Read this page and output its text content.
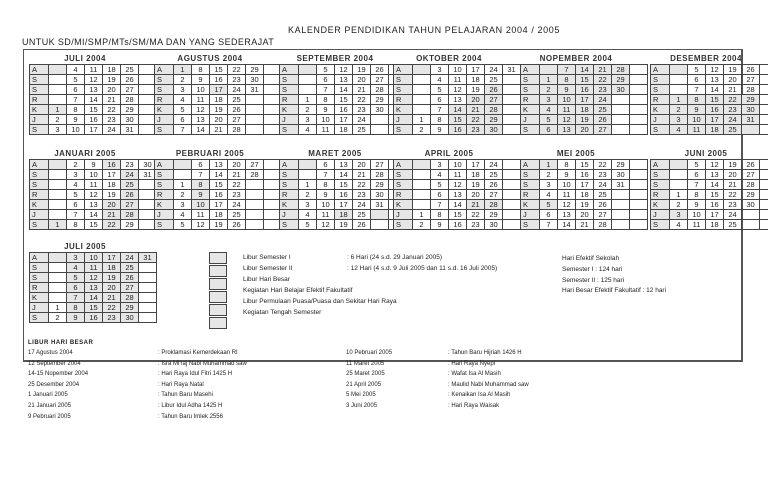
KALENDER PENDIDIKAN TAHUN PELAJARAN 2004 / 2005
UNTUK SD/MI/SMP/MTs/SM/MA DAN YANG SEDERAJAT
JULI 2004
A		4	11	18	25	
S		5	12	19	26	
S		6	13	20	27	
R		7	14	21	28	
K	1	8	15	22	29	
J	2	9	16	23	30	
S	3	10	17	24	31	
AGUSTUS 2004
A	1	8	15	22	29	
S	2	9	16	23	30	
S	3	10	17	24	31	
R	4	11	18	25		
K	5	12	19	26		
J	6	13	20	27		
S	7	14	21	28		
SEPTEMBER 2004
A		5	12	19	26	
S		6	13	20	27	
S		7	14	21	28	
R	1	8	15	22	29	
K	2	9	16	23	30	
J	3	10	17	24		
S	4	11	18	25		
OKTOBER 2004
A		3	10	17	24	31
S		4	11	18	25	
S		5	12	19	26	
R		6	13	20	27	
K		7	14	21	28	
J	1	8	15	22	29	
S	2	9	16	23	30	
NOPEMBER 2004
A		7	14	21	28	
S	1	8	15	22	29	
S	2	9	16	23	30	
R	3	10	17	24		
K	4	11	18	25		
J	5	12	19	26		
S	6	13	20	27		
DESEMBER 2004
A		5	12	19	26	
S		6	13	20	27	
S		7	14	21	28	
R	1	8	15	22	29	
K	2	9	16	23	30	
J	3	10	17	24	31	
S	4	11	18	25		
JANUARI 2005
A		2	9	16	23	30
S		3	10	17	24	31
S		4	11	18	25	
R		5	12	19	26	
K		6	13	20	27	
J		7	14	21	28	
S	1	8	15	22	29	
PEBRUARI 2005
A		6	13	20	27	
S		7	14	21	28	
S	1	8	15	22		
R	2	9	16	23		
K	3	10	17	24		
J	4	11	18	25		
S	5	12	19	26		
MARET 2005
A		6	13	20	27	
S		7	14	21	28	
S	1	8	15	22	29	
R	2	9	16	23	30	
K	3	10	17	24	31	
J	4	11	18	25		
S	5	12	19	26		
APRIL 2005
A		3	10	17	24	
S		4	11	18	25	
S		5	12	19	26	
R		6	13	20	27	
K		7	14	21	28	
J	1	8	15	22	29	
S	2	9	16	23	30	
MEI 2005
A	1	8	15	22	29	
S	2	9	16	23	30	
S	3	10	17	24	31	
R	4	11	18	25		
K	5	12	19	26		
J	6	13	20	27		
S	7	14	21	28		
JUNI 2005
A		5	12	19	26	
S		6	13	20	27	
S		7	14	21	28	
R	1	8	15	22	29	
K	2	9	16	23	30	
J	3	10	17	24		
S	4	11	18	25		
JULI 2005
A		3	10	17	24	31
S		4	11	18	25	
S		5	12	19	26	
R		6	13	20	27	
K		7	14	21	28	
J	1	8	15	22	29	
S	2	9	16	23	30	
Libur Semester I	: 6 Hari (24 s.d. 29 Januari 2005)
Libur Semester II	: 12 Hari (4 s.d. 9 Juli 2005 dan 11 s.d. 16 Juli 2005)
Libur Hari Besar
Kegiatan Hari Belajar Efektif Fakultatif
Libur Permulaan Puasa/Puasa dan Sekitar Hari Raya
Kegiatan Tengah Semester
Hari Efektif Sekolah
Semester I : 124 hari
Semester II : 125 hari
Hari Besar Efektif Fakultatif : 12 hari
LIBUR HARI BESAR
17 Agustus 2004	: Proklamasi Kemerdekaan RI
12 September 2004	: Isra Mi'raj Nabi Muhammad saw
14-15 Nopember 2004	: Hari Raya Idul Fitri 1425 H
25 Desember 2004	: Hari Raya Natal
1 Januari 2005	: Tahun Baru Masehi
21 Januari 2005	: Libur Idul Adha 1425 H
9 Pebruari 2005	: Tahun Baru Imlek 2556
10 Pebruari 2005	: Tahun Baru Hijriah 1426 H
11 Maret 2005	: Hari Raya Nyepi
25 Maret 2005	: Wafat Isa Al Masih
21 April 2005	: Maulid Nabi Muhammad saw
5 Mei 2005	: Kenaikan Isa Al Masih
3 Juni 2005	: Hari Raya Waisak
